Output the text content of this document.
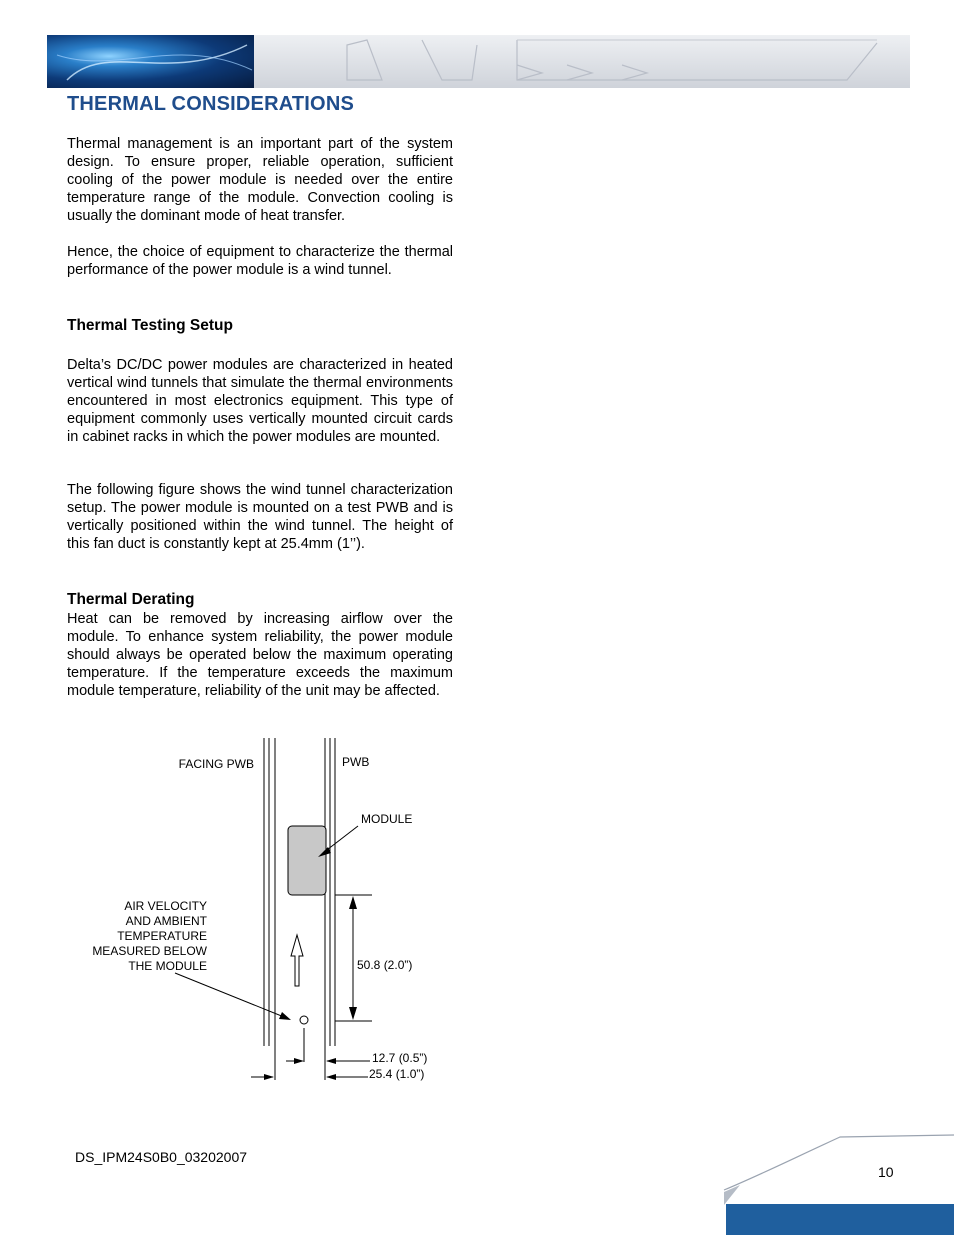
THERMAL CONSIDERATIONS

Thermal management is an important part of the system design. To ensure proper, reliable operation, sufficient cooling of the power module is needed over the entire temperature range of the module. Convection cooling is usually the dominant mode of heat transfer.

Hence, the choice of equipment to characterize the thermal performance of the power module is a wind tunnel.

Thermal Testing Setup

Delta’s DC/DC power modules are characterized in heated vertical wind tunnels that simulate the thermal environments encountered in most electronics equipment. This type of equipment commonly uses vertically mounted circuit cards in cabinet racks in which the power modules are mounted.

The following figure shows the wind tunnel characterization setup. The power module is mounted on a test PWB and is vertically positioned within the wind tunnel. The height of this fan duct is constantly kept at 25.4mm (1’’).

Thermal Derating

Heat can be removed by increasing airflow over the module. To enhance system reliability, the power module should always be operated below the maximum operating temperature. If the temperature exceeds the maximum module temperature, reliability of the unit may be affected.

FACING PWB	PWB
MODULE
AIR VELOCITY
AND AMBIENT
TEMPERATURE
MEASURED BELOW
THE MODULE	50.8 (2.0”)
12.7 (0.5”)
25.4 (1.0”)
DS_IPM24S0B0_03202007
10
